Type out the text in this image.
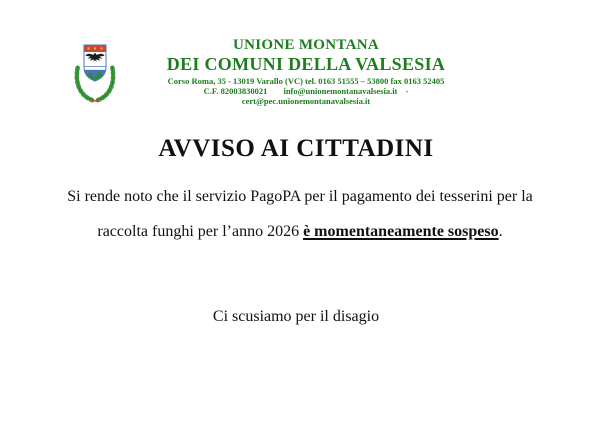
UNIONE MONTANA
DEI COMUNI DELLA VALSESIA
Corso Roma, 35 - 13019 Varallo (VC) tel. 0163 51555 – 53800 fax 0163 52405
C.F. 82003830021 info@unionemontanavalsesia.it -
cert@pec.unionemontanavalsesia.it
AVVISO AI CITTADINI

Si rende noto che il servizio PagoPA per il pagamento dei tesserini per la

raccolta funghi per l’anno 2026 è momentaneamente sospeso.

Ci scusiamo per il disagio
